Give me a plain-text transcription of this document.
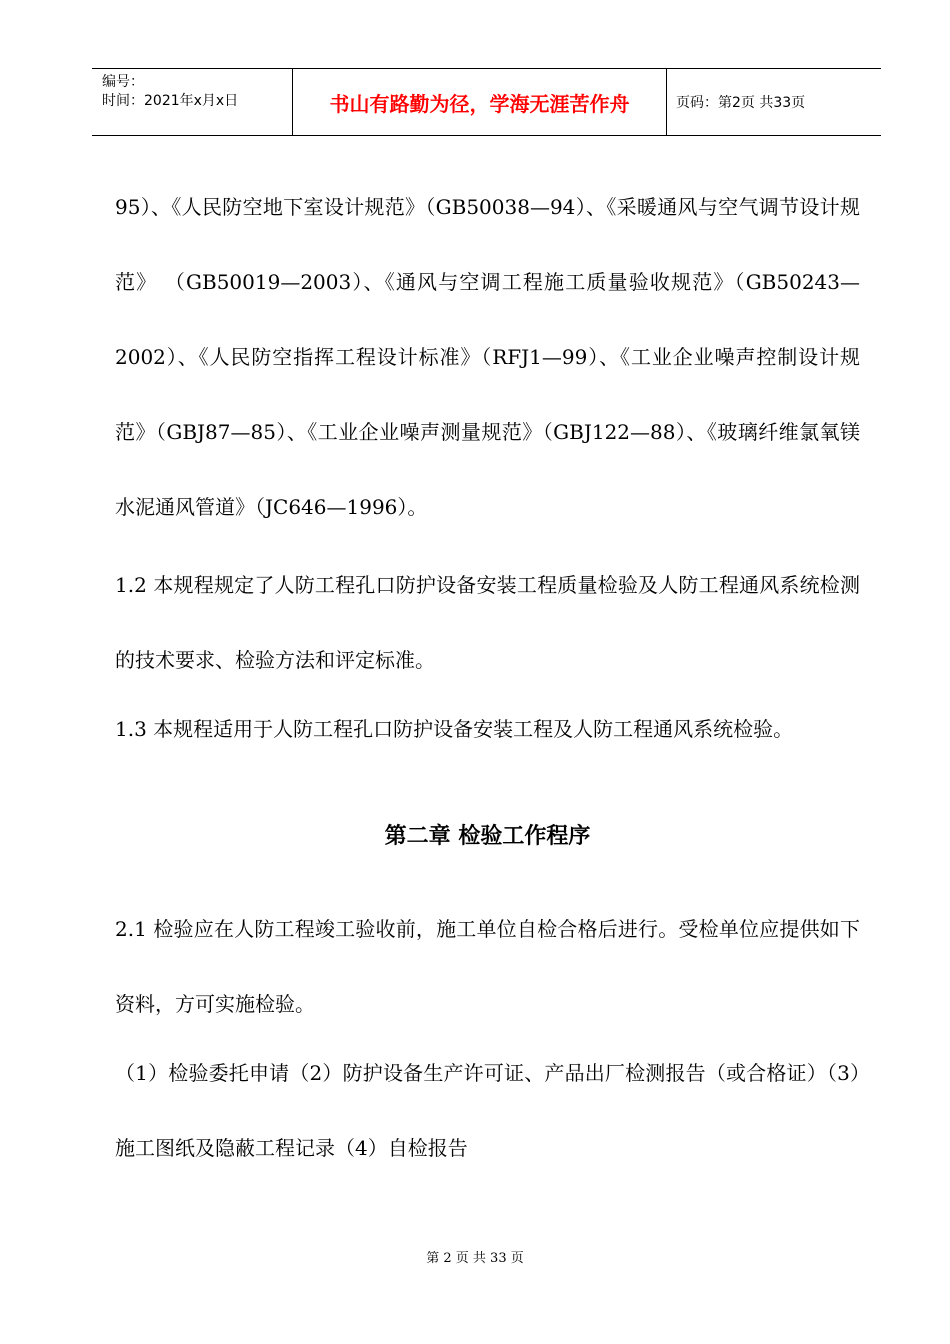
编号：
时间：2021年x月x日	书山有路勤为径，学海无涯苦作舟	页码：第2页 共33页

95）、《人民防空地下室设计规范》（GB50038—94）、《采暖通风与空气调节设计规范》 （GB50019—2003）、《通风与空调工程施工质量验收规范》（GB50243—2002）、《人民防空指挥工程设计标准》（RFJ1—99）、《工业企业噪声控制设计规范》（GBJ87—85）、《工业企业噪声测量规范》（GBJ122—88）、《玻璃纤维氯氧镁水泥通风管道》（JC646—1996）。

1.2 本规程规定了人防工程孔口防护设备安装工程质量检验及人防工程通风系统检测的技术要求、检验方法和评定标准。

1.3 本规程适用于人防工程孔口防护设备安装工程及人防工程通风系统检验。

第二章 检验工作程序

2.1 检验应在人防工程竣工验收前，施工单位自检合格后进行。受检单位应提供如下资料，方可实施检验。

（1）检验委托申请（2）防护设备生产许可证、产品出厂检测报告（或合格证）（3）施工图纸及隐蔽工程记录（4）自检报告

第 2 页 共 33 页
